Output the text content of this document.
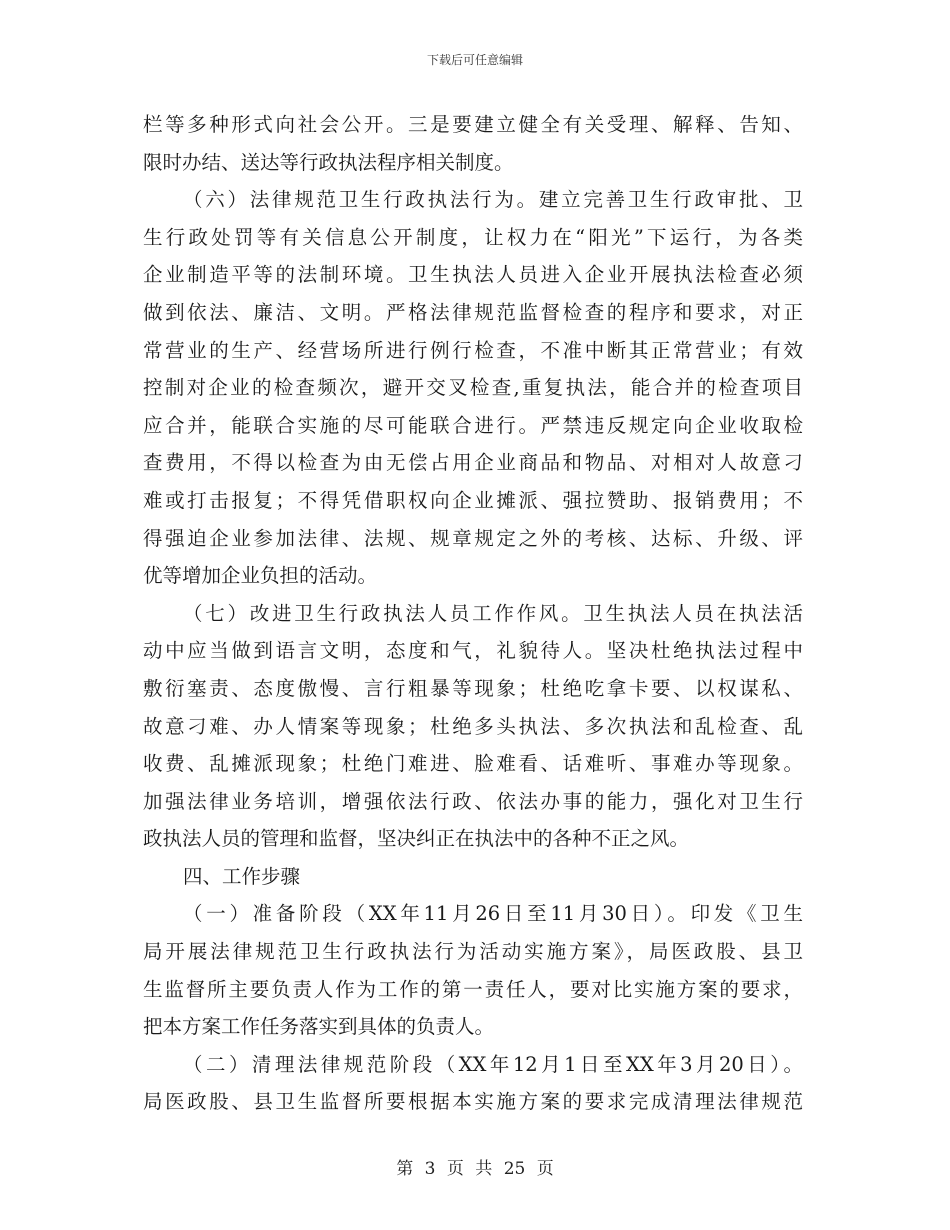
下载后可任意编辑
栏等多种形式向社会公开。三是要建立健全有关受理、解释、告知、
限时办结、送达等行政执法程序相关制度。
（六）法律规范卫生行政执法行为。建立完善卫生行政审批、卫
生行政处罚等有关信息公开制度，让权力在“阳光”下运行，为各类
企业制造平等的法制环境。卫生执法人员进入企业开展执法检查必须
做到依法、廉洁、文明。严格法律规范监督检查的程序和要求，对正
常营业的生产、经营场所进行例行检查，不准中断其正常营业；有效
控制对企业的检查频次，避开交叉检查,重复执法，能合并的检查项目
应合并，能联合实施的尽可能联合进行。严禁违反规定向企业收取检
查费用，不得以检查为由无偿占用企业商品和物品、对相对人故意刁
难或打击报复；不得凭借职权向企业摊派、强拉赞助、报销费用；不
得强迫企业参加法律、法规、规章规定之外的考核、达标、升级、评
优等增加企业负担的活动。
（七）改进卫生行政执法人员工作作风。卫生执法人员在执法活
动中应当做到语言文明，态度和气，礼貌待人。坚决杜绝执法过程中
敷衍塞责、态度傲慢、言行粗暴等现象；杜绝吃拿卡要、以权谋私、
故意刁难、办人情案等现象；杜绝多头执法、多次执法和乱检查、乱
收费、乱摊派现象；杜绝门难进、脸难看、话难听、事难办等现象。
加强法律业务培训，增强依法行政、依法办事的能力，强化对卫生行
政执法人员的管理和监督，坚决纠正在执法中的各种不正之风。
四、工作步骤
（一）准备阶段（XX年11月26日至11月30日）。印发《卫生
局开展法律规范卫生行政执法行为活动实施方案》，局医政股、县卫
生监督所主要负责人作为工作的第一责任人，要对比实施方案的要求，
把本方案工作任务落实到具体的负责人。
（二）清理法律规范阶段（XX年12月1日至XX年3月20日）。
局医政股、县卫生监督所要根据本实施方案的要求完成清理法律规范
第 3 页 共 25 页
